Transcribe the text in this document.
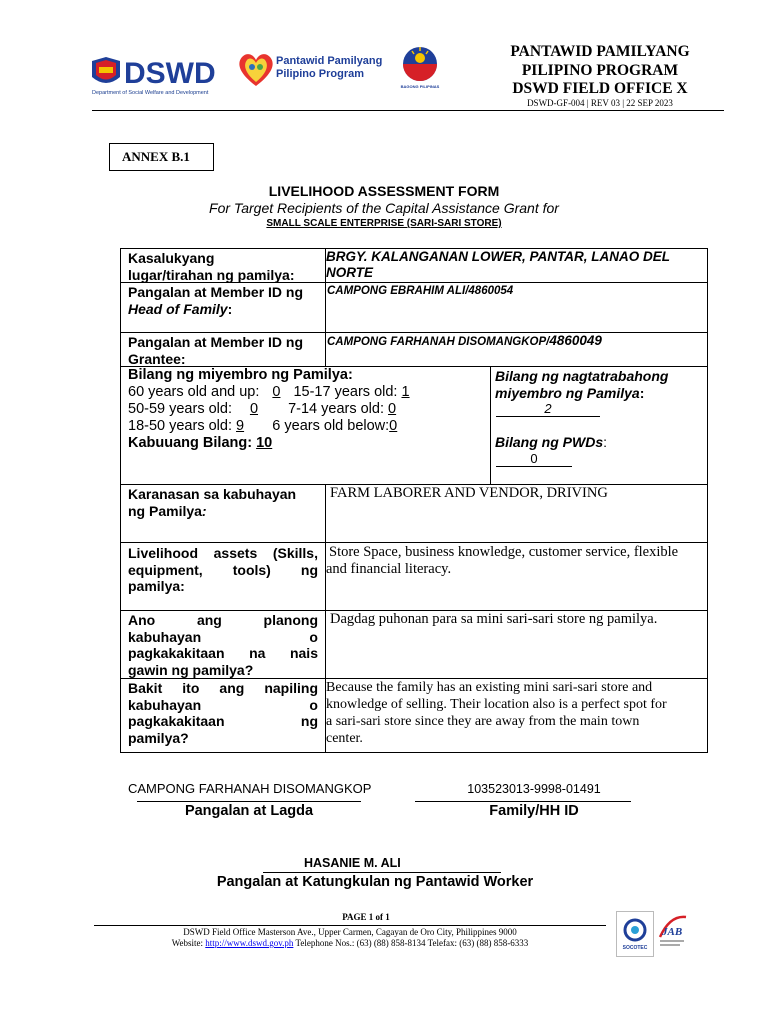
DSWD
Department of Social Welfare and Development
Pantawid Pamilyang
Pilipino Program
BAGONG PILIPINAS
PANTAWID PAMILYANG
PILIPINO PROGRAM
DSWD FIELD OFFICE X
DSWD-GF-004 | REV 03 | 22 SEP 2023
ANNEX B.1
LIVELIHOOD ASSESSMENT FORM
For Target Recipients of the Capital Assistance Grant for
SMALL SCALE ENTERPRISE (SARI-SARI STORE)
Kasalukyang
lugar/tirahan ng pamilya:
BRGY. KALANGANAN LOWER, PANTAR, LANAO DEL NORTE
Pangalan at Member ID ng
Head of Family:
CAMPONG EBRAHIM ALI/4860054
Pangalan at Member ID ng
Grantee:
CAMPONG FARHANAH DISOMANGKOP/4860049
Bilang ng miyembro ng Pamilya:
60 years old and up: 0 15-17 years old: 1
50-59 years old: 0 7-14 years old: 0
18-50 years old: 9 6 years old below:0
Kabuuang Bilang: 10
Bilang ng nagtatrabahong
miyembro ng Pamilya:
2
Bilang ng PWDs:
0
Karanasan sa kabuhayan
ng Pamilya:
FARM LABORER AND VENDOR, DRIVING
Livelihood assets (Skills,
equipment, tools) ng
pamilya:
Store Space, business knowledge, customer service, flexible
and financial literacy.
Ano ang planong
kabuhayan o
pagkakakitaan na nais
gawin ng pamilya?
Dagdag puhonan para sa mini sari-sari store ng pamilya.
Bakit ito ang napiling
kabuhayan o
pagkakakitaan ng
pamilya?
Because the family has an existing mini sari-sari store and
knowledge of selling. Their location also is a perfect spot for
a sari-sari store since they are away from the main town
center.
CAMPONG FARHANAH DISOMANGKOP
Pangalan at Lagda
103523013-9998-01491
Family/HH ID
HASANIE M. ALI
Pangalan at Katungkulan ng Pantawid Worker
PAGE 1 of 1
DSWD Field Office Masterson Ave., Upper Carmen, Cagayan de Oro City, Philippines 9000
Website: http://www.dswd.gov.ph Telephone Nos.: (63) (88) 858-8134 Telefax: (63) (88) 858-6333	SOCOTEC
JAB
